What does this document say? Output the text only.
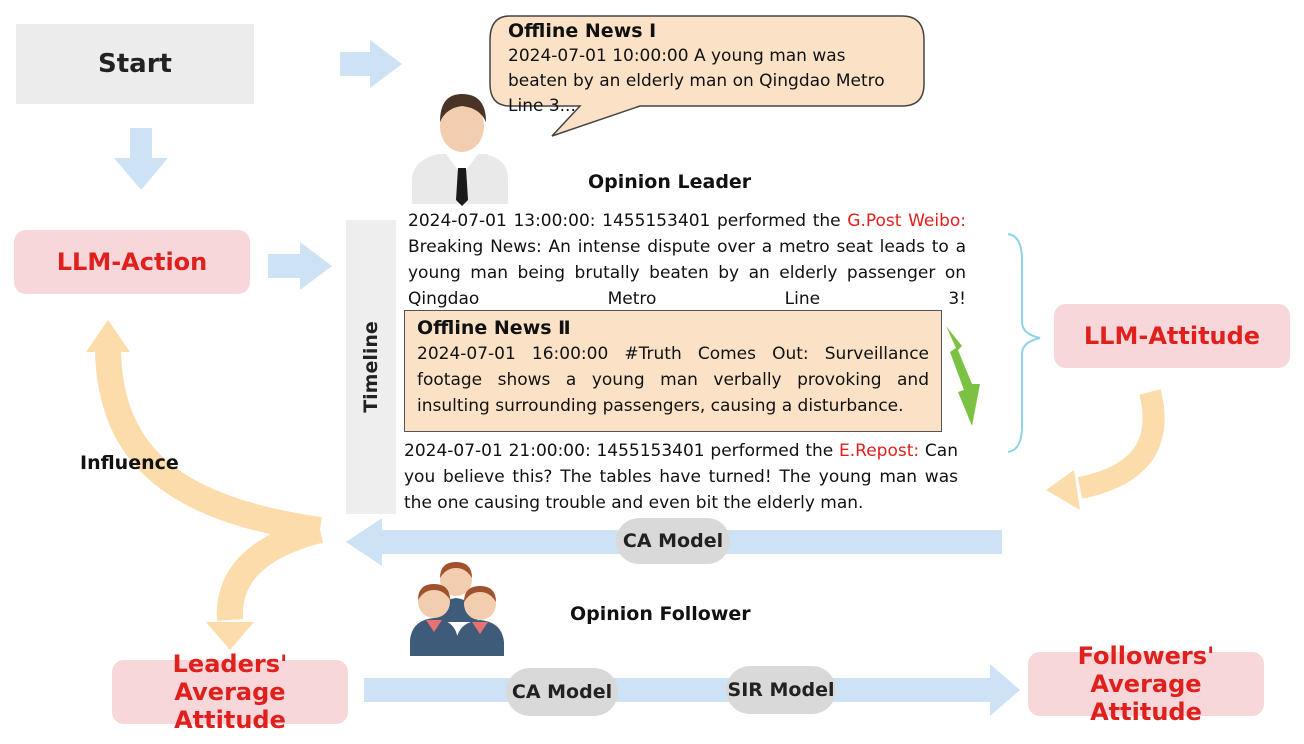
Start
LLM-Action
LLM-Attitude
Leaders' Average Attitude
Followers' Average Attitude
Influence
Opinion Leader
Opinion Follower
Offline News Ⅰ
2024-07-01 10:00:00 A young man was beaten by an elderly man on Qingdao Metro Line 3...
Timeline
2024-07-01 13:00:00: 1455153401 performed the G.Post Weibo: Breaking News: An intense dispute over a metro seat leads to a young man being brutally beaten by an elderly passenger on Qingdao Metro Line 3!
Offline News Ⅱ
2024-07-01 16:00:00 #Truth Comes Out: Surveillance footage shows a young man verbally provoking and insulting surrounding passengers, causing a disturbance.
2024-07-01 21:00:00: 1455153401 performed the E.Repost: Can you believe this? The tables have turned! The young man was the one causing trouble and even bit the elderly man.
CA Model
CA Model	SIR Model
